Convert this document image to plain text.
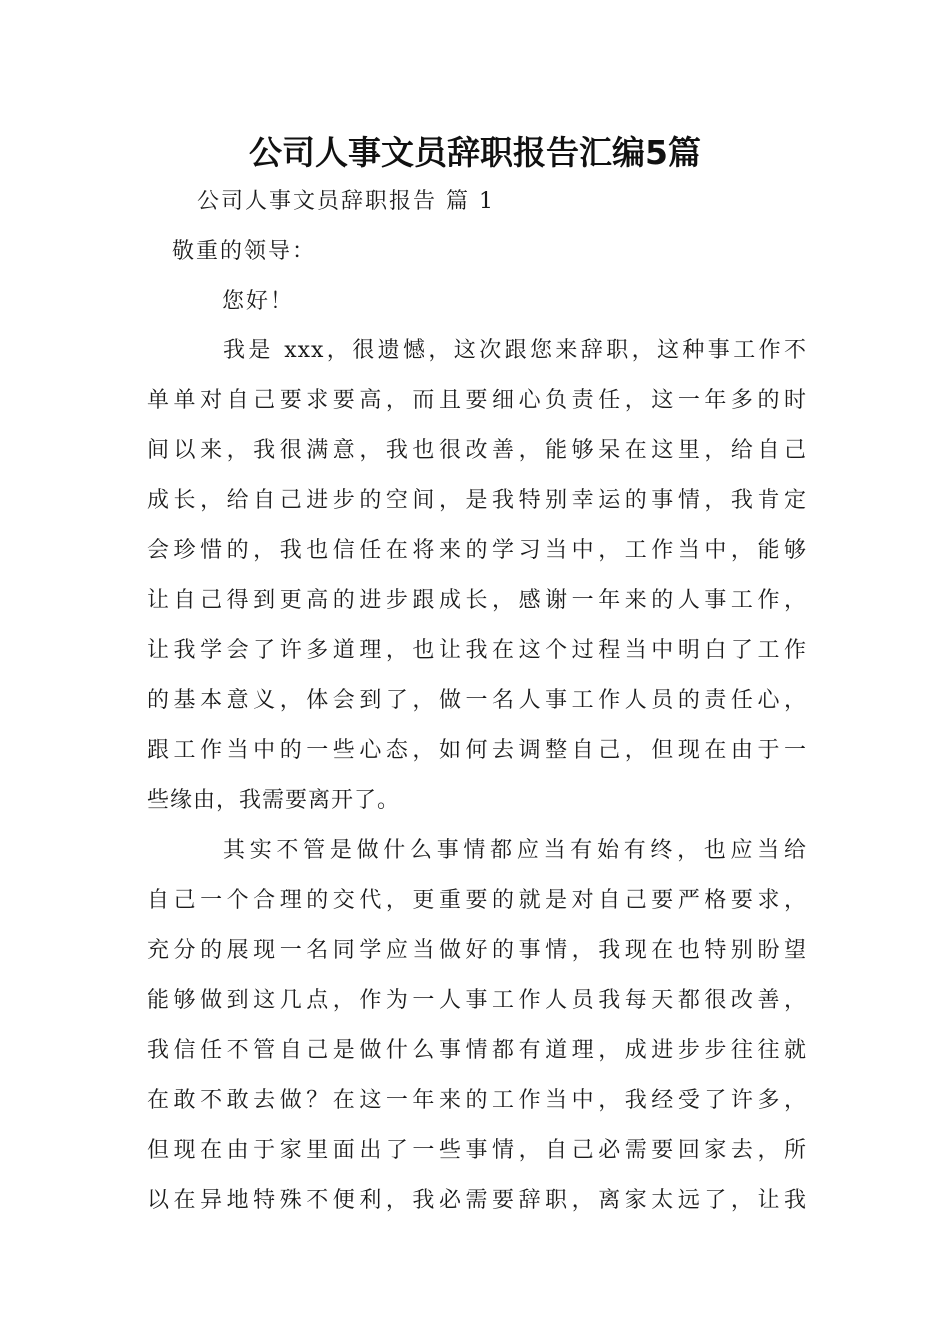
公司人事文员辞职报告汇编5篇
公司人事文员辞职报告 篇 1
敬重的领导：
您好！
我是 xxx，很遗憾，这次跟您来辞职，这种事工作不
单单对自己要求要高，而且要细心负责任，这一年多的时
间以来，我很满意，我也很改善，能够呆在这里，给自己
成长，给自己进步的空间，是我特别幸运的事情，我肯定
会珍惜的，我也信任在将来的学习当中，工作当中，能够
让自己得到更高的进步跟成长，感谢一年来的人事工作，
让我学会了许多道理，也让我在这个过程当中明白了工作
的基本意义，体会到了，做一名人事工作人员的责任心，
跟工作当中的一些心态，如何去调整自己，但现在由于一
些缘由，我需要离开了。
其实不管是做什么事情都应当有始有终，也应当给
自己一个合理的交代，更重要的就是对自己要严格要求，
充分的展现一名同学应当做好的事情，我现在也特别盼望
能够做到这几点，作为一人事工作人员我每天都很改善，
我信任不管自己是做什么事情都有道理，成进步步往往就
在敢不敢去做？在这一年来的工作当中，我经受了许多，
但现在由于家里面出了一些事情，自己必需要回家去，所
以在异地特殊不便利，我必需要辞职，离家太远了，让我
